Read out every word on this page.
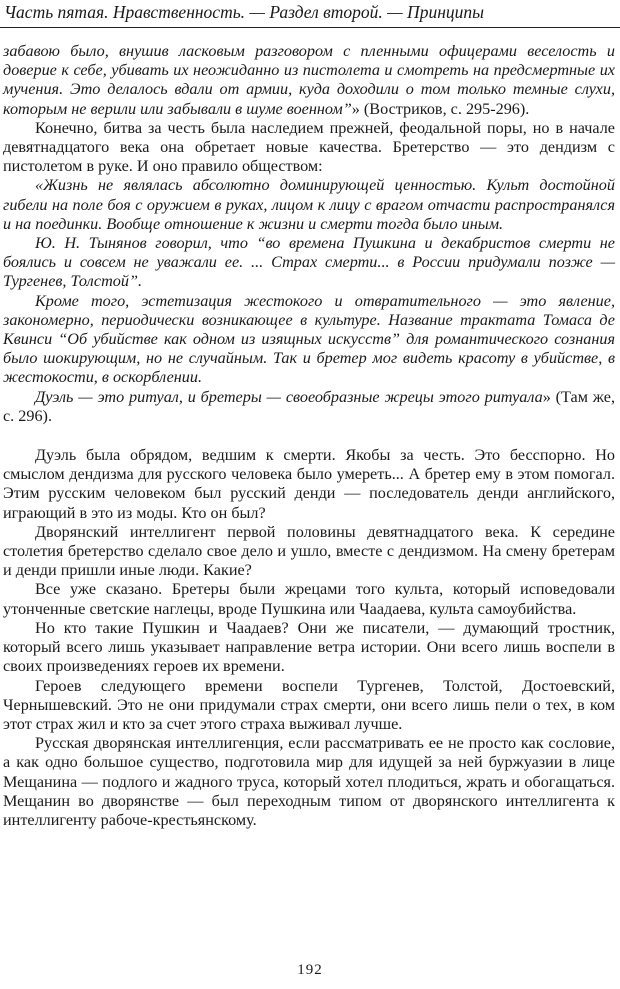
Часть пятая. Нравственность. — Раздел второй. — Принципы

забавою было, внушив ласковым разговором с пленными офицерами веселость и доверие к себе, убивать их неожиданно из пистолета и смотреть на предсмертные их мучения. Это делалось вдали от армии, куда доходили о том только темные слухи, которым не верили или забывали в шуме военном”» (Востриков, с. 295-296).

Конечно, битва за честь была наследием прежней, феодальной поры, но в начале девятнадцатого века она обретает новые качества. Бретерство — это дендизм с пистолетом в руке. И оно правило обществом:

«Жизнь не являлась абсолютно доминирующей ценностью. Культ достойной гибели на поле боя с оружием в руках, лицом к лицу с врагом отчасти распространялся и на поединки. Вообще отношение к жизни и смерти тогда было иным.

Ю. Н. Тынянов говорил, что “во времена Пушкина и декабристов смерти не боялись и совсем не уважали ее. ... Страх смерти... в России придумали позже — Тургенев, Толстой”.

Кроме того, эстетизация жестокого и отвратительного — это явление, закономерно, периодически возникающее в культуре. Название трактата Томаса де Квинси “Об убийстве как одном из изящных искусств” для романтического сознания было шокирующим, но не случайным. Так и бретер мог видеть красоту в убийстве, в жестокости, в оскорблении.

Дуэль — это ритуал, и бретеры — своеобразные жрецы этого ритуала» (Там же, с. 296).

Дуэль была обрядом, ведшим к смерти. Якобы за честь. Это бесспорно. Но смыслом дендизма для русского человека было умереть... А бретер ему в этом помогал. Этим русским человеком был русский денди — последователь денди английского, играющий в это из моды. Кто он был?

Дворянский интеллигент первой половины девятнадцатого века. К середине столетия бретерство сделало свое дело и ушло, вместе с дендизмом. На смену бретерам и денди пришли иные люди. Какие?

Все уже сказано. Бретеры были жрецами того культа, который исповедовали утонченные светские наглецы, вроде Пушкина или Чаадаева, культа самоубийства.

Но кто такие Пушкин и Чаадаев? Они же писатели, — думающий тростник, который всего лишь указывает направление ветра истории. Они всего лишь воспели в своих произведениях героев их времени.

Героев следующего времени воспели Тургенев, Толстой, Достоевский, Чернышевский. Это не они придумали страх смерти, они всего лишь пели о тех, в ком этот страх жил и кто за счет этого страха выживал лучше.

Русская дворянская интеллигенция, если рассматривать ее не просто как сословие, а как одно большое существо, подготовила мир для идущей за ней буржуазии в лице Мещанина — подлого и жадного труса, который хотел плодиться, жрать и обогащаться. Мещанин во дворянстве — был переходным типом от дворянского интеллигента к интеллигенту рабоче-крестьянскому.

192
